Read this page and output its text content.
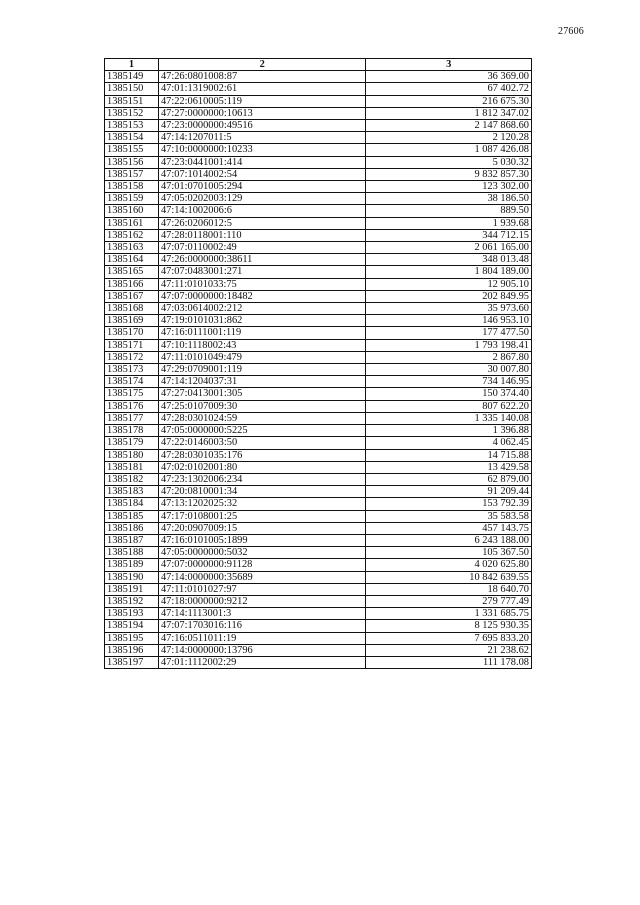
27606
1	2	3
1385149	47:26:0801008:87	36 369.00
1385150	47:01:1319002:61	67 402.72
1385151	47:22:0610005:119	216 675.30
1385152	47:27:0000000:10613	1 812 347.02
1385153	47:23:0000000:49516	2 147 868.60
1385154	47:14:1207011:5	2 120.28
1385155	47:10:0000000:10233	1 087 426.08
1385156	47:23:0441001:414	5 030.32
1385157	47:07:1014002:54	9 832 857.30
1385158	47:01:0701005:294	123 302.00
1385159	47:05:0202003:129	38 186.50
1385160	47:14:1002006:6	889.50
1385161	47:26:0206012:5	1 939.68
1385162	47:28:0118001:110	344 712.15
1385163	47:07:0110002:49	2 061 165.00
1385164	47:26:0000000:38611	348 013.48
1385165	47:07:0483001:271	1 804 189.00
1385166	47:11:0101033:75	12 905.10
1385167	47:07:0000000:18482	202 849.95
1385168	47:03:0614002:212	35 973.60
1385169	47:19:0101031:862	146 953.10
1385170	47:16:0111001:119	177 477.50
1385171	47:10:1118002:43	1 793 198.41
1385172	47:11:0101049:479	2 867.80
1385173	47:29:0709001:119	30 007.80
1385174	47:14:1204037:31	734 146.95
1385175	47:27:0413001:305	150 374.40
1385176	47:25:0107009:30	807 622.20
1385177	47:28:0301024:59	1 335 140.08
1385178	47:05:0000000:5225	1 396.88
1385179	47:22:0146003:50	4 062.45
1385180	47:28:0301035:176	14 715.88
1385181	47:02:0102001:80	13 429.58
1385182	47:23:1302006:234	62 879.00
1385183	47:20:0810001:34	91 209.44
1385184	47:13:1202025:32	153 792.39
1385185	47:17:0108001:25	35 583.58
1385186	47:20:0907009:15	457 143.75
1385187	47:16:0101005:1899	6 243 188.00
1385188	47:05:0000000:5032	105 367.50
1385189	47:07:0000000:91128	4 020 625.80
1385190	47:14:0000000:35689	10 842 639.55
1385191	47:11:0101027:97	18 640.70
1385192	47:18:0000000:9212	279 777.49
1385193	47:14:1113001:3	1 331 685.75
1385194	47:07:1703016:116	8 125 930.35
1385195	47:16:0511011:19	7 695 833.20
1385196	47:14:0000000:13796	21 238.62
1385197	47:01:1112002:29	111 178.08
